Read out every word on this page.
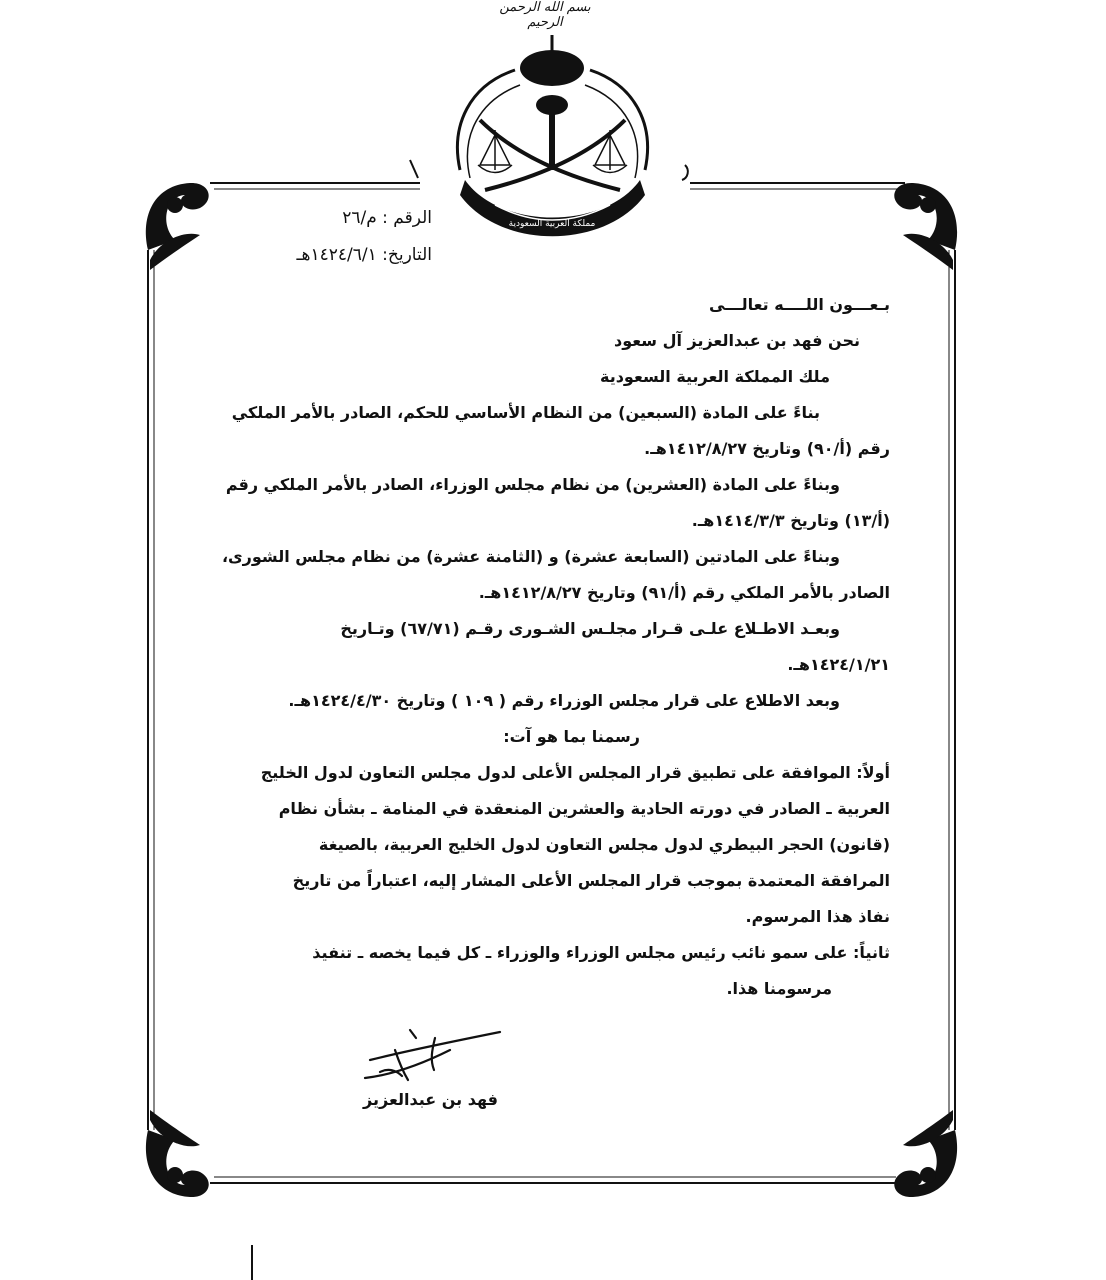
بسم الله الرحمن الرحيم
مملكة العربية السعودية
الرقم : م/٢٦
التاريخ: ١٤٢٤/٦/١هـ
بـعـــون اللــــه تعالـــى
نحن فهد بن عبدالعزيز آل سعود
ملك المملكة العربية السعودية
بناءً على المادة (السبعين) من النظام الأساسي للحكم، الصادر بالأمر الملكي
رقم (أ/٩٠) وتاريخ ١٤١٢/٨/٢٧هـ.
وبناءً على المادة (العشرين) من نظام مجلس الوزراء، الصادر بالأمر الملكي رقم
(أ/١٣) وتاريخ ١٤١٤/٣/٣هـ.
وبناءً على المادتين (السابعة عشرة) و (الثامنة عشرة) من نظام مجلس الشورى،
الصادر بالأمر الملكي رقم (أ/٩١) وتاريخ ١٤١٢/٨/٢٧هـ.
وبعـد الاطـلاع علـى قـرار مجلـس الشـورى رقـم (٦٧/٧١) وتـاريخ
١٤٢٤/١/٢١هـ.
وبعد الاطلاع على قرار مجلس الوزراء رقم ( ١٠٩ ) وتاريخ ١٤٢٤/٤/٣٠هـ.
رسمنا بما هو آت:
أولاً: الموافقة على تطبيق قرار المجلس الأعلى لدول مجلس التعاون لدول الخليج
العربية ـ الصادر في دورته الحادية والعشرين المنعقدة في المنامة ـ بشأن نظام
(قانون) الحجر البيطري لدول مجلس التعاون لدول الخليج العربية، بالصيغة
المرافقة المعتمدة بموجب قرار المجلس الأعلى المشار إليه، اعتباراً من تاريخ
نفاذ هذا المرسوم.
ثانياً: على سمو نائب رئيس مجلس الوزراء والوزراء ـ كل فيما يخصه ـ تنفيذ
مرسومنا هذا.
فهد بن عبدالعزيز
